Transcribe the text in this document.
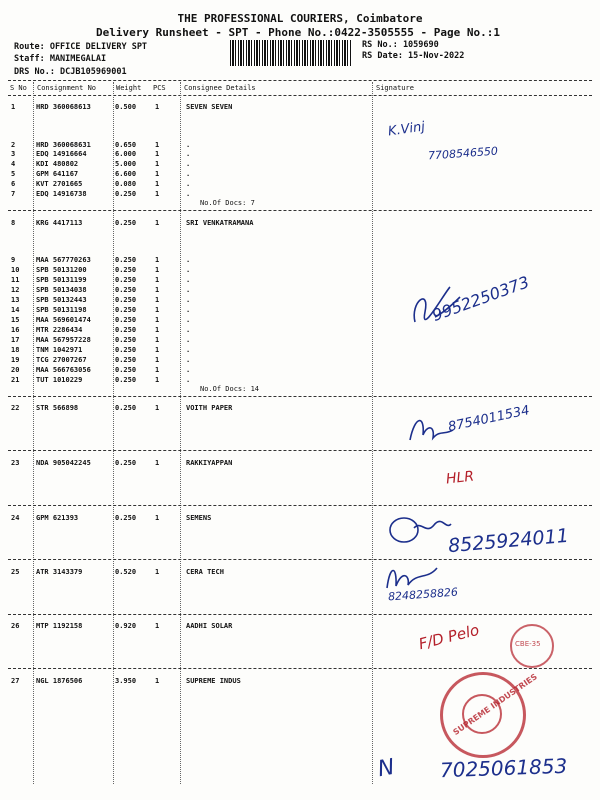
THE PROFESSIONAL COURIERS, Coimbatore
Delivery Runsheet - SPT - Phone No.:0422-3505555 - Page No.:1
Route: OFFICE DELIVERY SPT
Staff: MANIMEGALAI
DRS No.: DCJB105969001
RS No.: 1059690
RS Date: 15-Nov-2022
S No Consignment No	Weight PCS	Consignee Details	Signature
1	HRD 360068613	0.500	1	SEVEN SEVEN
2	HRD 360068631	0.650	1	.
3	EDQ 14916664	6.000	1	.
4	KDI 480802	5.000	1	.
5	GPM 641167	6.600	1	.
6	KVT 2701665	0.080	1	.
7	EDQ 14916738	0.250	1	.
No.Of Docs: 7
8	KRG 4417113	0.250	1	SRI VENKATRAMANA
9	MAA 567770263	0.250	1	.
10 SPB 50131200	0.250	1	.
11 SPB 50131199	0.250	1	.
12 SPB 50134038	0.250	1	.
13 SPB 50132443	0.250	1	.
14 SPB 50131198	0.250	1	.
15 MAA 569601474	0.250	1	.
16 MTR 2286434	0.250	1	.
17 MAA 567957228	0.250	1	.
18 TNM 1042971	0.250	1	.
19 TCG 27007267	0.250	1	.
20 MAA 566763056	0.250	1	.
21 TUT 1010229	0.250	1	.
No.Of Docs: 14
22 STR 566898	0.250	1	VOITH PAPER
23 NDA 905042245	0.250	1	RAKKIYAPPAN
24 GPM 621393	0.250	1	SEMENS
25 ATR 3143379	0.520	1	CERA TECH
26 MTP 1192158	0.920	1	AADHI SOLAR
27 NGL 1876506	3.950	1	SUPREME INDUS
K.Vinj
7708546550
9952250373
8754011534
HLR
8525924011
8248258826
F/D Pelo	CBE-35
SUPREME INDUSTRIES
N 7025061853
